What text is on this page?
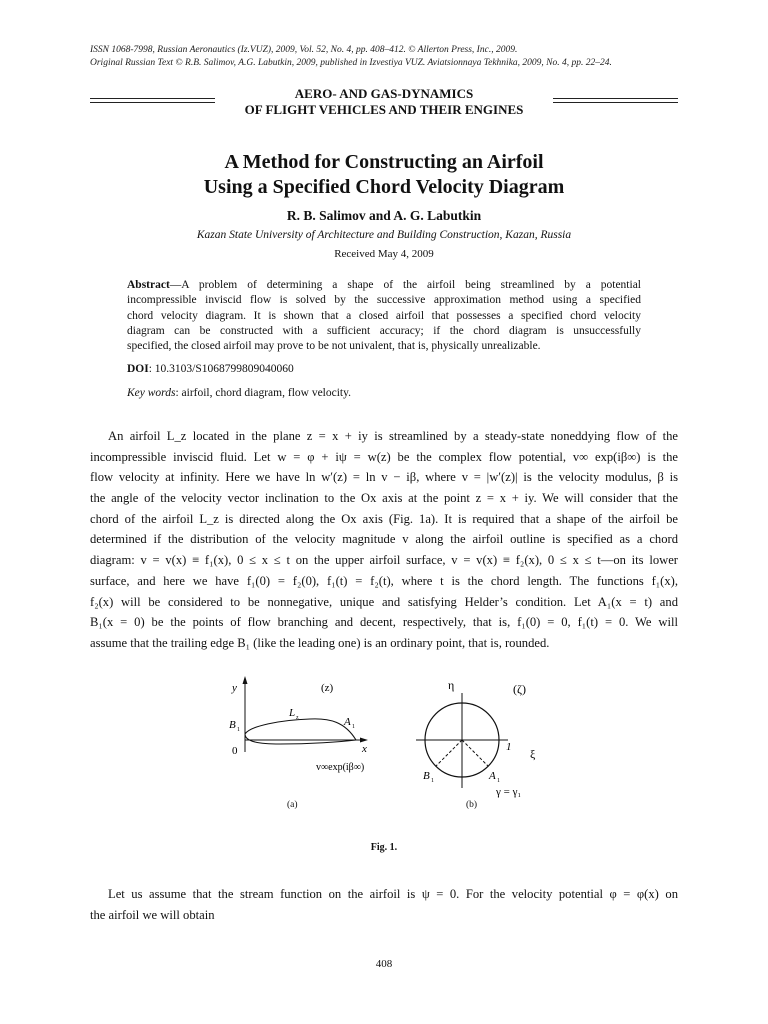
ISSN 1068-7998, Russian Aeronautics (Iz.VUZ), 2009, Vol. 52, No. 4, pp. 408–412. © Allerton Press, Inc., 2009.
Original Russian Text © R.B. Salimov, A.G. Labutkin, 2009, published in Izvestiya VUZ. Aviatsionnaya Tekhnika, 2009, No. 4, pp. 22–24.
AERO- AND GAS-DYNAMICS
OF FLIGHT VEHICLES AND THEIR ENGINES
A Method for Constructing an Airfoil
Using a Specified Chord Velocity Diagram
R. B. Salimov and A. G. Labutkin
Kazan State University of Architecture and Building Construction, Kazan, Russia
Received May 4, 2009
Abstract—A problem of determining a shape of the airfoil being streamlined by a potential
incompressible inviscid flow is solved by the successive approximation method using a specified
chord velocity diagram. It is shown that a closed airfoil that possesses a specified chord velocity
diagram can be constructed with a sufficient accuracy; if the chord diagram is unsuccessfully
specified, the closed airfoil may prove to be not univalent, that is, physically unrealizable.
DOI: 10.3103/S1068799809040060
Key words: airfoil, chord diagram, flow velocity.
An airfoil L_z located in the plane z = x + iy is streamlined by a steady-state noneddying flow of the
incompressible inviscid fluid. Let w = φ + iψ = w(z) be the complex flow potential, v∞ exp(iβ∞) is the
flow velocity at infinity. Here we have ln w′(z) = ln v − iβ, where v = |w′(z)| is the velocity modulus, β is
the angle of the velocity vector inclination to the Ox axis at the point z = x + iy. We will consider that the
chord of the airfoil L_z is directed along the Ox axis (Fig. 1a). It is required that a shape of the airfoil be
determined if the distribution of the velocity magnitude v along the airfoil outline is specified as a chord
diagram: v = v(x) ≡ f₁(x), 0 ≤ x ≤ t on the upper airfoil surface, v = v(x) ≡ f₂(x), 0 ≤ x ≤ t—on its lower
surface, and here we have f₁(0) = f₂(0), f₁(t) = f₂(t), where t is the chord length. The functions f₁(x),
f₂(x) will be considered to be nonnegative, unique and satisfying Helder’s condition. Let A₁(x = t) and
B₁(x = 0) be the points of flow branching and decent, respectively, that is, f₁(0) = 0, f₁(t) = 0. We will
assume that the trailing edge B₁ (like the leading one) is an ordinary point, that is, rounded.
y	(z)
L z	A 1
B 1
0	x
v∞exp(iβ∞)
η	(ζ)
1 ξ
B 1	A 1
γ = γ₁
(a)	(b)
Fig. 1.
Let us assume that the stream function on the airfoil is ψ = 0. For the velocity potential φ = φ(x) on
the airfoil we will obtain
408
